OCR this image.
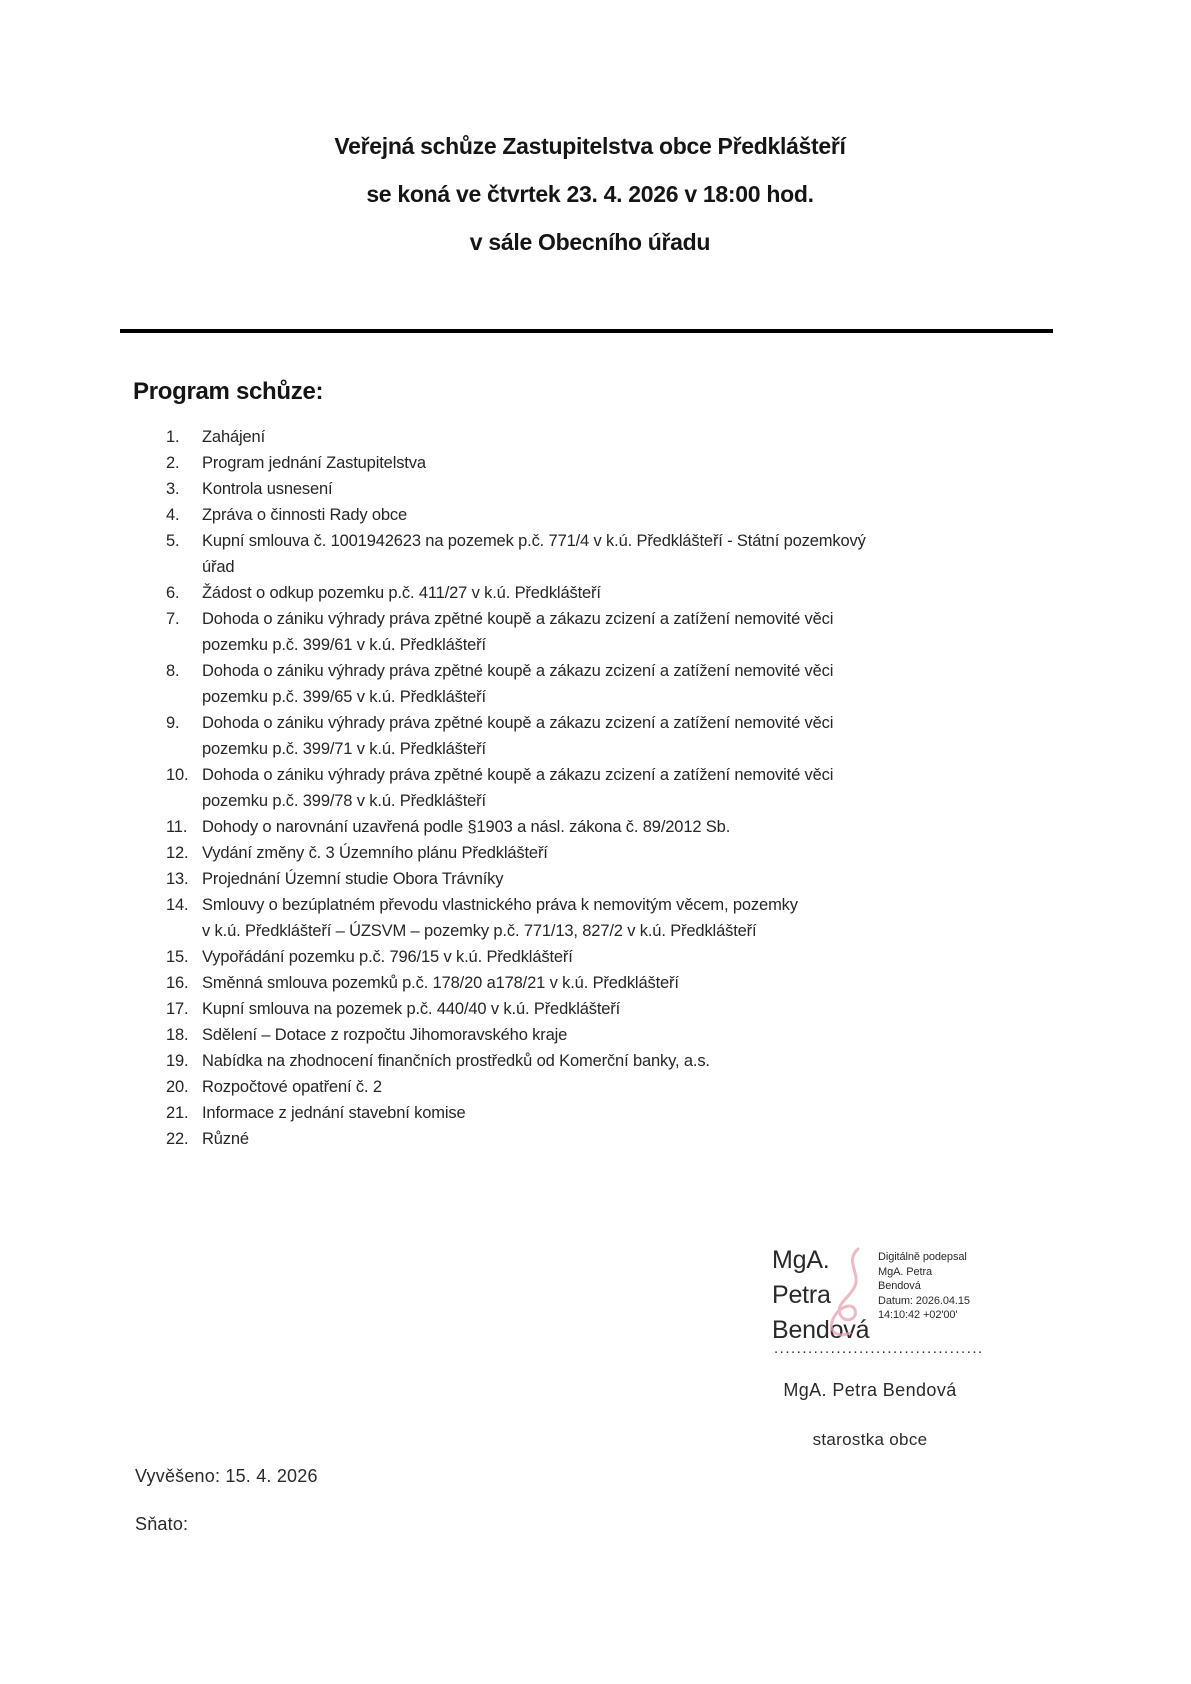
Veřejná schůze Zastupitelstva obce Předklášteří
se koná ve čtvrtek 23. 4. 2026 v 18:00 hod.
v sále Obecního úřadu
Program schůze:
1.	Zahájení
2.	Program jednání Zastupitelstva
3.	Kontrola usnesení
4.	Zpráva o činnosti Rady obce
5.	Kupní smlouva č. 1001942623 na pozemek p.č. 771/4 v k.ú. Předklášteří - Státní pozemkový
úřad
6.	Žádost o odkup pozemku p.č. 411/27 v k.ú. Předklášteří
7.	Dohoda o zániku výhrady práva zpětné koupě a zákazu zcizení a zatížení nemovité věci
pozemku p.č. 399/61 v k.ú. Předklášteří
8.	Dohoda o zániku výhrady práva zpětné koupě a zákazu zcizení a zatížení nemovité věci
pozemku p.č. 399/65 v k.ú. Předklášteří
9.	Dohoda o zániku výhrady práva zpětné koupě a zákazu zcizení a zatížení nemovité věci
pozemku p.č. 399/71 v k.ú. Předklášteří
10. Dohoda o zániku výhrady práva zpětné koupě a zákazu zcizení a zatížení nemovité věci
pozemku p.č. 399/78 v k.ú. Předklášteří
11. Dohody o narovnání uzavřená podle §1903 a násl. zákona č. 89/2012 Sb.
12. Vydání změny č. 3 Územního plánu Předklášteří
13. Projednání Územní studie Obora Trávníky
14. Smlouvy o bezúplatném převodu vlastnického práva k nemovitým věcem, pozemky
v k.ú. Předklášteří – ÚZSVM – pozemky p.č. 771/13, 827/2 v k.ú. Předklášteří
15. Vypořádání pozemku p.č. 796/15 v k.ú. Předklášteří
16. Směnná smlouva pozemků p.č. 178/20 a178/21 v k.ú. Předklášteří
17. Kupní smlouva na pozemek p.č. 440/40 v k.ú. Předklášteří
18. Sdělení – Dotace z rozpočtu Jihomoravského kraje
19. Nabídka na zhodnocení finančních prostředků od Komerční banky, a.s.
20. Rozpočtové opatření č. 2
21. Informace z jednání stavební komise
22. Různé
MgA.
Petra
Bendová
Digitálně podepsal
MgA. Petra
Bendová
Datum: 2026.04.15
14:10:42 +02'00'
.....................................
MgA. Petra Bendová
starostka obce
Vyvěšeno: 15. 4. 2026
Sňato:
